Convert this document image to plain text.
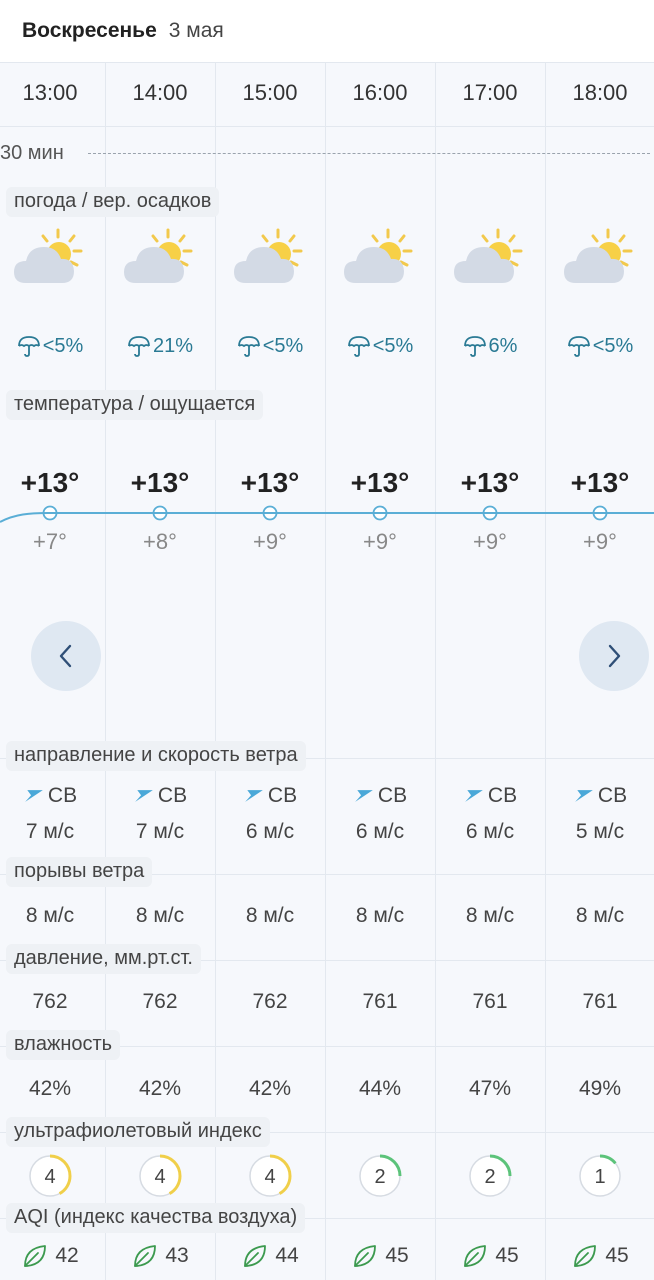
Воскресенье 3 мая
13:00
<5%
+13°
+7°
СВ
7 м/с
8 м/с
762
42%
4
42
14:00
21%
+13°
+8°
СВ
7 м/с
8 м/с
762
42%
4
43
15:00
<5%
+13°
+9°
СВ
6 м/с
8 м/с
762
42%
4
44
16:00
<5%
+13°
+9°
СВ
6 м/с
8 м/с
761
44%
2
45
17:00
6%
+13°
+9°
СВ
6 м/с
8 м/с
761
47%
2
45
18:00
<5%
+13°
+9°
СВ
5 м/с
8 м/с
761
49%
1
45
30 мин
погода / вер. осадков
температура / ощущается
направление и скорость ветра
порывы ветра
давление, мм.рт.ст.
влажность
ультрафиолетовый индекс
AQI (индекс качества воздуха)
